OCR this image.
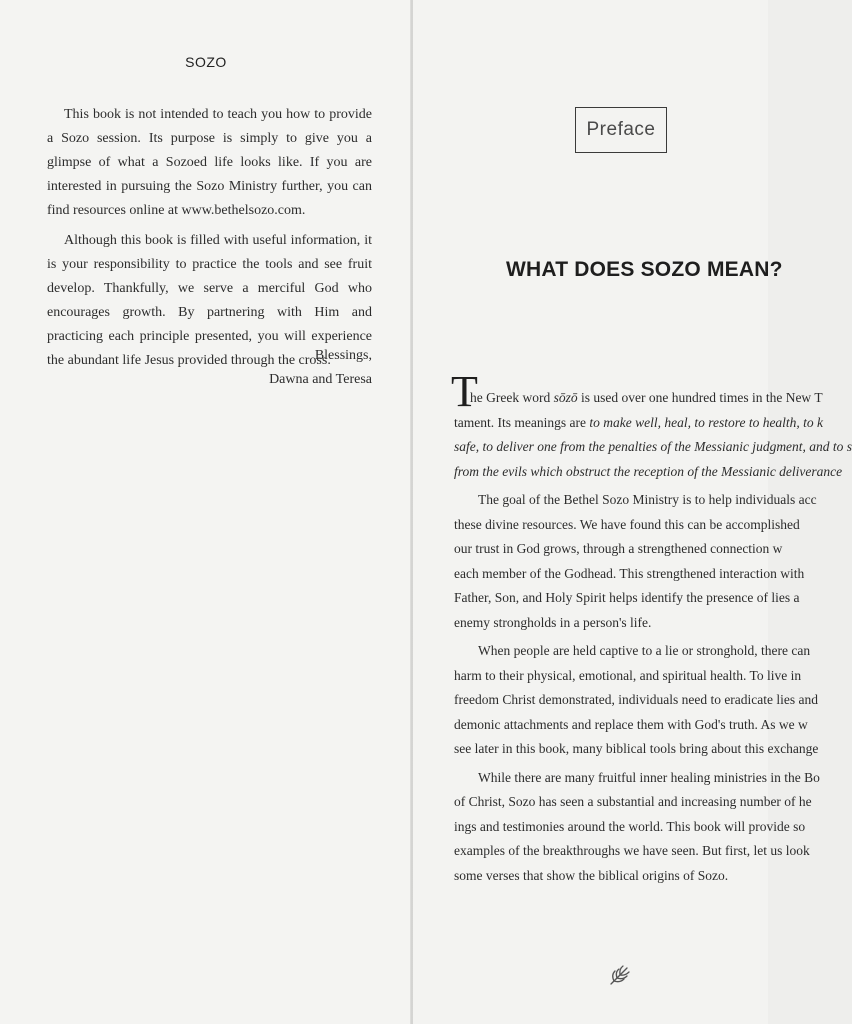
SOZO

This book is not intended to teach you how to provide a Sozo session. Its purpose is simply to give you a glimpse of what a Sozoed life looks like. If you are interested in pursuing the Sozo Ministry further, you can find resources online at www.bethelsozo.com.

Although this book is filled with useful information, it is your responsibility to practice the tools and see fruit develop. Thankfully, we serve a merciful God who encourages growth. By partnering with Him and practicing each principle presented, you will experience the abundant life Jesus provided through the cross.

Blessings,
Dawna and Teresa
Preface
WHAT DOES SOZO MEAN?
T
he Greek word sōzō is used over one hundred times in the New T
tament. Its meanings are to make well, heal, to restore to health, to k
safe, to deliver one from the penalties of the Messianic judgment, and to s
from the evils which obstruct the reception of the Messianic deliverance
The goal of the Bethel Sozo Ministry is to help individuals acc
these divine resources. We have found this can be accomplished
our trust in God grows, through a strengthened connection w
each member of the Godhead. This strengthened interaction with
Father, Son, and Holy Spirit helps identify the presence of lies a
enemy strongholds in a person's life.
When people are held captive to a lie or stronghold, there can
harm to their physical, emotional, and spiritual health. To live in
freedom Christ demonstrated, individuals need to eradicate lies and
demonic attachments and replace them with God's truth. As we w
see later in this book, many biblical tools bring about this exchange
While there are many fruitful inner healing ministries in the Bo
of Christ, Sozo has seen a substantial and increasing number of he
ings and testimonies around the world. This book will provide so
examples of the breakthroughs we have seen. But first, let us look
some verses that show the biblical origins of Sozo.
